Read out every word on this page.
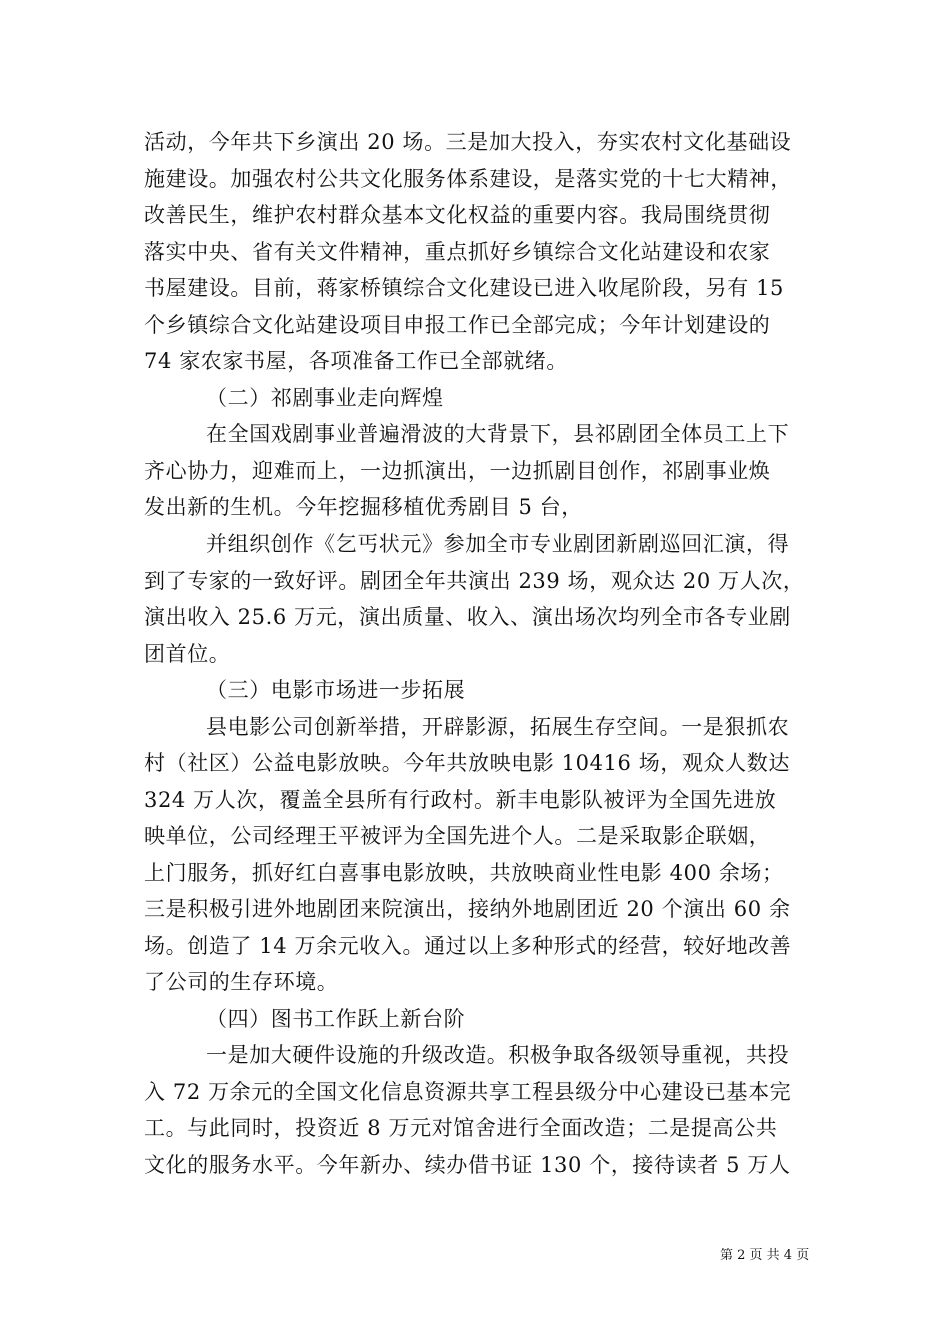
活动，今年共下乡演出 20 场。三是加大投入，夯实农村文化基础设
施建设。加强农村公共文化服务体系建设，是落实党的十七大精神，
改善民生，维护农村群众基本文化权益的重要内容。我局围绕贯彻
落实中央、省有关文件精神，重点抓好乡镇综合文化站建设和农家
书屋建设。目前，蒋家桥镇综合文化建设已进入收尾阶段，另有 15
个乡镇综合文化站建设项目申报工作已全部完成；今年计划建设的
74 家农家书屋，各项准备工作已全部就绪。
（二）祁剧事业走向辉煌
在全国戏剧事业普遍滑波的大背景下，县祁剧团全体员工上下
齐心协力，迎难而上，一边抓演出，一边抓剧目创作，祁剧事业焕
发出新的生机。今年挖掘移植优秀剧目 5 台，
并组织创作《乞丐状元》参加全市专业剧团新剧巡回汇演，得
到了专家的一致好评。剧团全年共演出 239 场，观众达 20 万人次，
演出收入 25.6 万元，演出质量、收入、演出场次均列全市各专业剧
团首位。
（三）电影市场进一步拓展
县电影公司创新举措，开辟影源，拓展生存空间。一是狠抓农
村（社区）公益电影放映。今年共放映电影 10416 场，观众人数达
324 万人次，覆盖全县所有行政村。新丰电影队被评为全国先进放
映单位，公司经理王平被评为全国先进个人。二是采取影企联姻，
上门服务，抓好红白喜事电影放映，共放映商业性电影 400 余场；
三是积极引进外地剧团来院演出，接纳外地剧团近 20 个演出 60 余
场。创造了 14 万余元收入。通过以上多种形式的经营，较好地改善
了公司的生存环境。
（四）图书工作跃上新台阶
一是加大硬件设施的升级改造。积极争取各级领导重视，共投
入 72 万余元的全国文化信息资源共享工程县级分中心建设已基本完
工。与此同时，投资近 8 万元对馆舍进行全面改造；二是提高公共
文化的服务水平。今年新办、续办借书证 130 个，接待读者 5 万人
第 2 页 共 4 页
